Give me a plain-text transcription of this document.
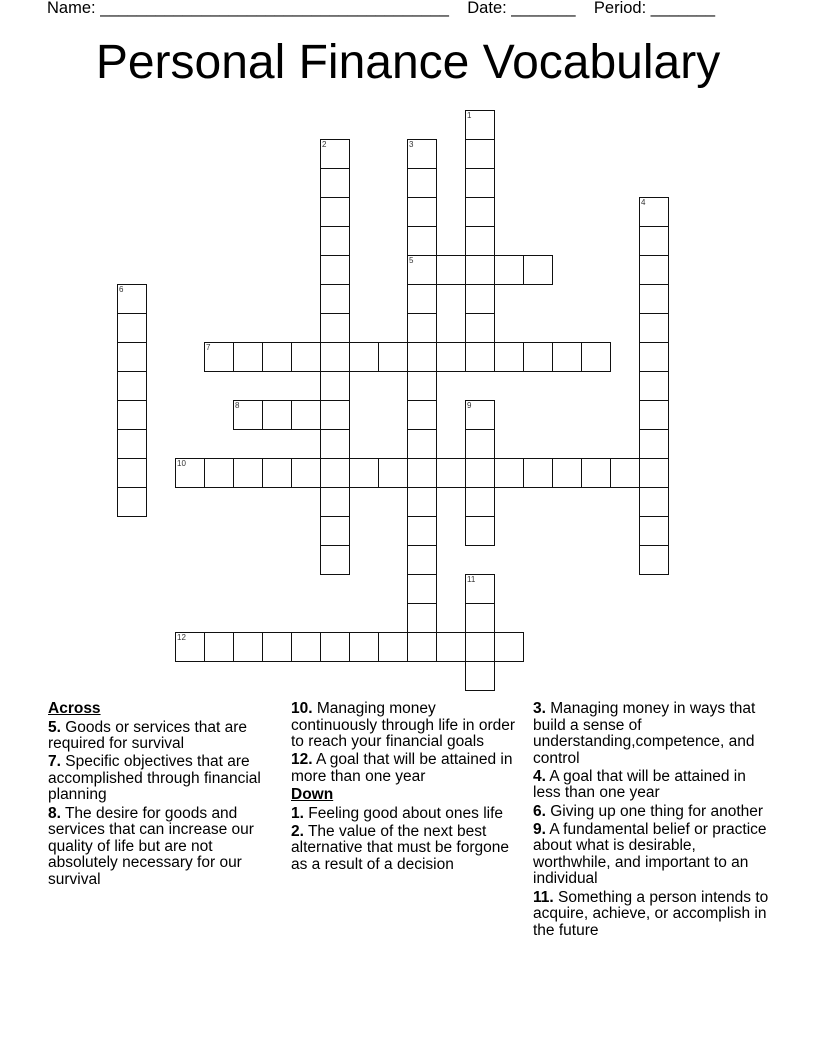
Name: ______________________________________ Date: _______ Period: _______
Personal Finance Vocabulary
1
2	3
5
4
6
7
8	9
10
11
12
Across
5. Goods or services that are required for survival
7. Specific objectives that are accomplished through financial planning
8. The desire for goods and services that can increase our quality of life but are not absolutely necessary for our survival
10. Managing money continuously through life in order to reach your financial goals
12. A goal that will be attained in more than one year
Down
1. Feeling good about ones life
2. The value of the next best alternative that must be forgone as a result of a decision
3. Managing money in ways that build a sense of understanding,competence, and control
4. A goal that will be attained in less than one year
6. Giving up one thing for another
9. A fundamental belief or practice about what is desirable, worthwhile, and important to an individual
11. Something a person intends to acquire, achieve, or accomplish in the future
